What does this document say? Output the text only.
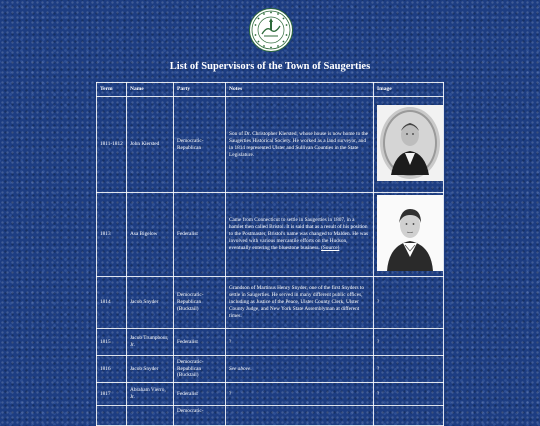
List of Supervisors of the Town of Saugerties
Term	Name	Party	Notes	Image
1811-1812	John Kiersted	Democratic-Republican	Son of Dr. Christopher Kiersted, whose house is now home to the Saugerties Historical Society. He worked as a land surveyor, and in 1814 represented Ulster and Sullivan Counties in the State Legislature.	

1813	Asa Bigelow	Federalist	Came from Connecticut to settle in Saugerties in 1807, in a hamlet then called Bristol. It is said that as a result of his position to the Postmaster, Bristol's name was changed to Malden. He was involved with various mercantile efforts on the Hudson, eventually entering the bluestone business. (Source)	

1814	Jacob Snyder	Democratic-Republican (Bucktail)	Grandson of Martinus Henry Snyder, one of the first Snyders to settle in Saugerties. He served in many different public offices, including as Justice of the Peace, Ulster County Clerk, Ulster County Judge, and New York State Assemblyman at different times.	?
1815	Jacob Trumpbour, Jr.	Federalist	?	?
1816	Jacob Snyder	Democratic-Republican (Bucktail)	See above.	?
1817	Abraham Vierro, Jr.	Federalist	?	?
		Democratic-		
